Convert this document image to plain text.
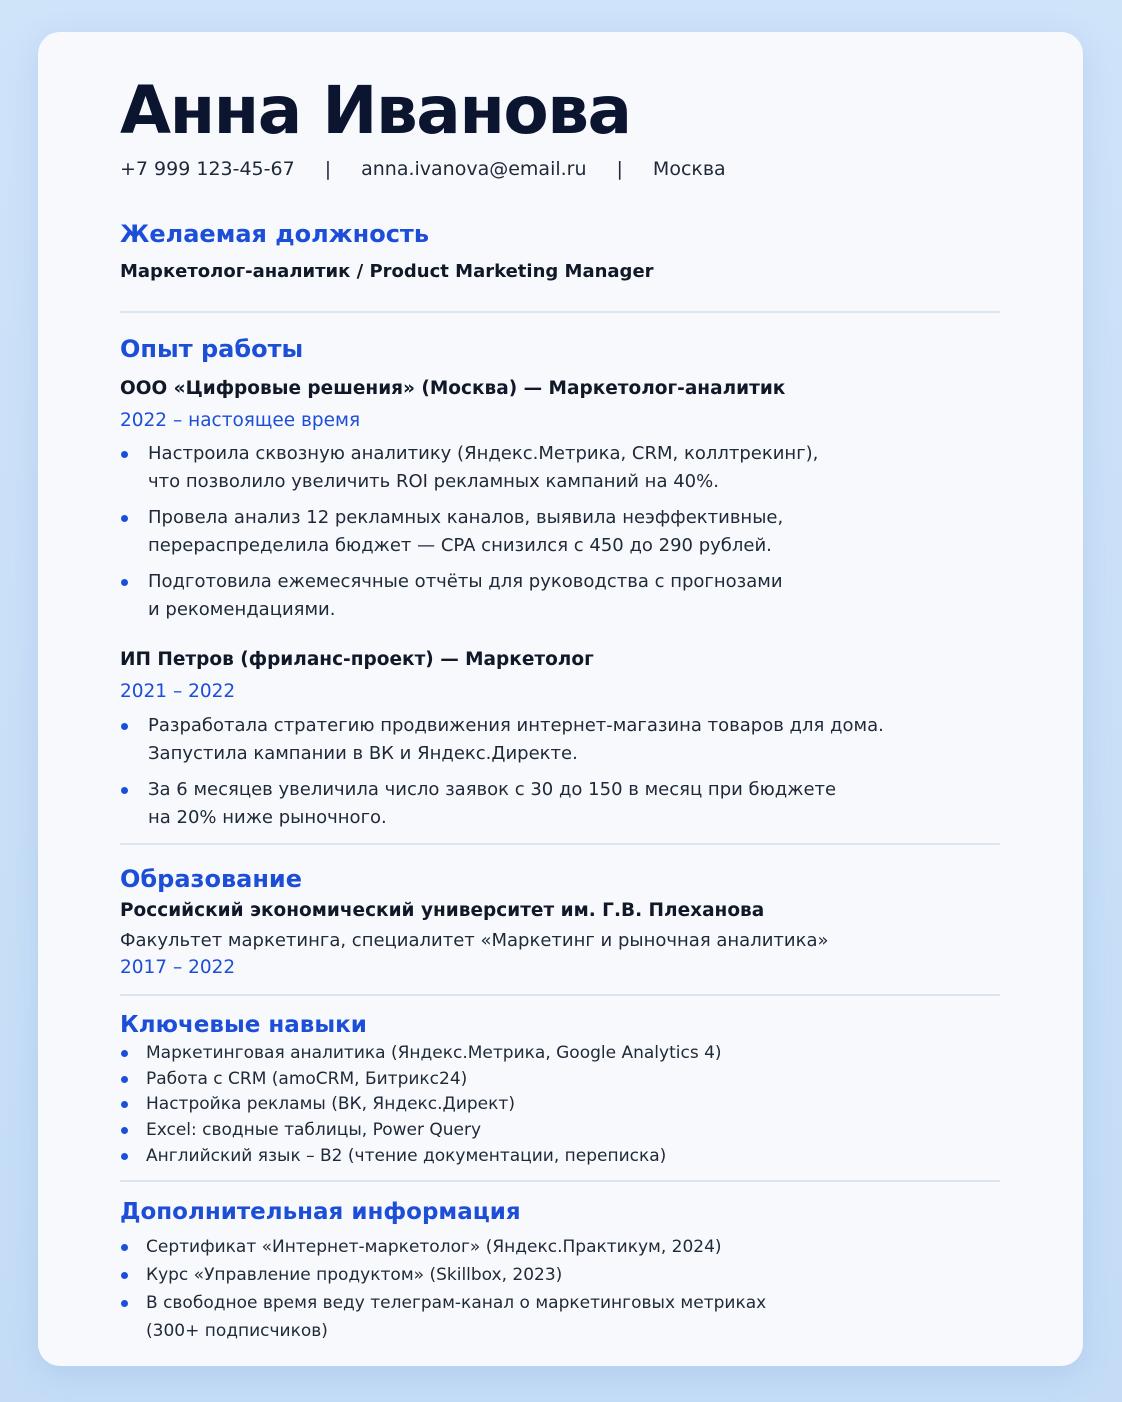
Анна Иванова
+7 999 123-45-67 | anna.ivanova@email.ru | Москва
Желаемая должность
Маркетолог-аналитик / Product Marketing Manager
Опыт работы
ООО «Цифровые решения» (Москва) — Маркетолог-аналитик
2022 – настоящее время
Настроила сквозную аналитику (Яндекс.Метрика, CRM, коллтрекинг),
что позволило увеличить ROI рекламных кампаний на 40%.
Провела анализ 12 рекламных каналов, выявила неэффективные,
перераспределила бюджет — CPA снизился с 450 до 290 рублей.
Подготовила ежемесячные отчёты для руководства с прогнозами
и рекомендациями.
ИП Петров (фриланс-проект) — Маркетолог
2021 – 2022
Разработала стратегию продвижения интернет-магазина товаров для дома.
Запустила кампании в ВК и Яндекс.Директе.
За 6 месяцев увеличила число заявок с 30 до 150 в месяц при бюджете
на 20% ниже рыночного.
Образование
Российский экономический университет им. Г.В. Плеханова
Факультет маркетинга, специалитет «Маркетинг и рыночная аналитика»
2017 – 2022
Ключевые навыки
Маркетинговая аналитика (Яндекс.Метрика, Google Analytics 4)
Работа с CRM (amoCRM, Битрикс24)
Настройка рекламы (ВК, Яндекс.Директ)
Excel: сводные таблицы, Power Query
Английский язык – B2 (чтение документации, переписка)
Дополнительная информация
Сертификат «Интернет-маркетолог» (Яндекс.Практикум, 2024)
Курс «Управление продуктом» (Skillbox, 2023)
В свободное время веду телеграм-канал о маркетинговых метриках
(300+ подписчиков)
